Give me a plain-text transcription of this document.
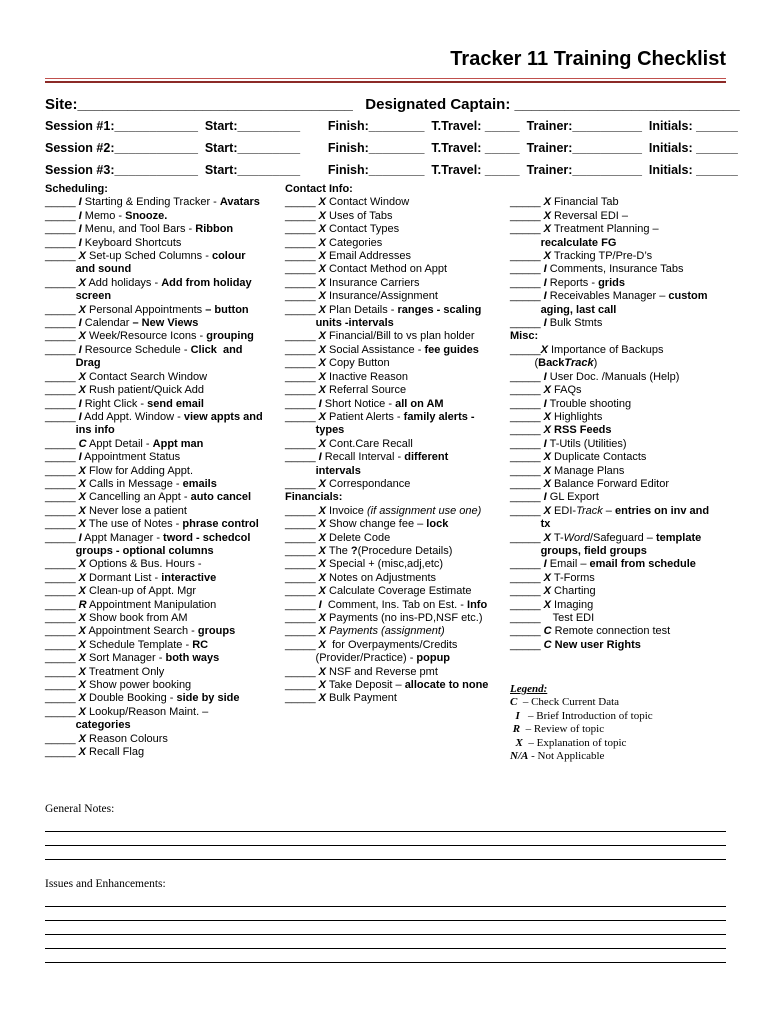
Tracker 11 Training Checklist
Site:_________________________________   Designated Captain: ___________________________
Session #1:____________  Start:_________        Finish:________  T.Travel: _____  Trainer:__________  Initials: ______
Session #2:____________  Start:_________        Finish:________  T.Travel: _____  Trainer:__________  Initials: ______
Session #3:____________  Start:_________        Finish:________  T.Travel: _____  Trainer:__________  Initials: ______
Scheduling:
_____ I Starting & Ending Tracker - Avatars
_____ I Memo - Snooze.
_____ I Menu, and Tool Bars - Ribbon
_____ I Keyboard Shortcuts
_____ X Set-up Sched Columns - colour
and sound
_____ X Add holidays - Add from holiday
screen
_____ X Personal Appointments – button
_____ I Calendar – New Views
_____ X Week/Resource Icons - grouping
_____ I Resource Schedule - Click  and
Drag
_____ X Contact Search Window
_____ X Rush patient/Quick Add
_____ I Right Click - send email
_____ I Add Appt. Window - view appts and
ins info
_____ C Appt Detail - Appt man
_____ I Appointment Status
_____ X Flow for Adding Appt.
_____ X Calls in Message - emails
_____ X Cancelling an Appt - auto cancel
_____ X Never lose a patient
_____ X The use of Notes - phrase control
_____ I Appt Manager - tword - schedcol
groups - optional columns
_____ X Options & Bus. Hours -
_____ X Dormant List - interactive
_____ X Clean-up of Appt. Mgr
_____ R Appointment Manipulation
_____ X Show book from AM
_____ X Appointment Search - groups
_____ X Schedule Template - RC
_____ X Sort Manager - both ways
_____ X Treatment Only
_____ X Show power booking
_____ X Double Booking - side by side
_____ X Lookup/Reason Maint. –
categories
_____ X Reason Colours
_____ X Recall Flag
Contact Info:
_____ X Contact Window
_____ X Uses of Tabs
_____ X Contact Types
_____ X Categories
_____ X Email Addresses
_____ X Contact Method on Appt
_____ X Insurance Carriers
_____ X Insurance/Assignment
_____ X Plan Details - ranges - scaling
units -intervals
_____ X Financial/Bill to vs plan holder
_____ X Social Assistance - fee guides
_____ X Copy Button
_____ X Inactive Reason
_____ X Referral Source
_____ I Short Notice - all on AM
_____ X Patient Alerts - family alerts -
types
_____ X Cont.Care Recall
_____ I Recall Interval - different
intervals
_____ X Correspondance
Financials:
_____ X Invoice (if assignment use one)
_____ X Show change fee – lock
_____ X Delete Code
_____ X The ?(Procedure Details)
_____ X Special + (misc,adj,etc)
_____ X Notes on Adjustments
_____ X Calculate Coverage Estimate
_____ I  Comment, Ins. Tab on Est. - Info
_____ X Payments (no ins-PD,NSF etc.)
_____ X Payments (assignment)
_____ X  for Overpayments/Credits
(Provider/Practice) - popup
_____ X NSF and Reverse pmt
_____ X Take Deposit – allocate to none
_____ X Bulk Payment

_____ X Financial Tab
_____ X Reversal EDI –
_____ X Treatment Planning –
recalculate FG
_____ X Tracking TP/Pre-D’s
_____ I Comments, Insurance Tabs
_____ I Reports - grids
_____ I Receivables Manager – custom
aging, last call
_____ I Bulk Stmts
Misc:
_____X Importance of Backups
(BackTrack)
_____ I User Doc. /Manuals (Help)
_____ X FAQs
_____ I Trouble shooting
_____ X Highlights
_____ X RSS Feeds
_____ I T-Utils (Utilities)
_____ X Duplicate Contacts
_____ X Manage Plans
_____ X Balance Forward Editor
_____ I GL Export
_____ X EDI-Track – entries on inv and
tx
_____ X T-Word/Safeguard – template
groups, field groups
_____ I Email – email from schedule
_____ X T-Forms
_____ X Charting
_____ X Imaging
_____    Test EDI
_____ C Remote connection test
_____ C New user Rights
Legend:
C  – Check Current Data
I   – Brief Introduction of topic
R  – Review of topic
X  – Explanation of topic
N/A - Not Applicable
General Notes:
Issues and Enhancements:
